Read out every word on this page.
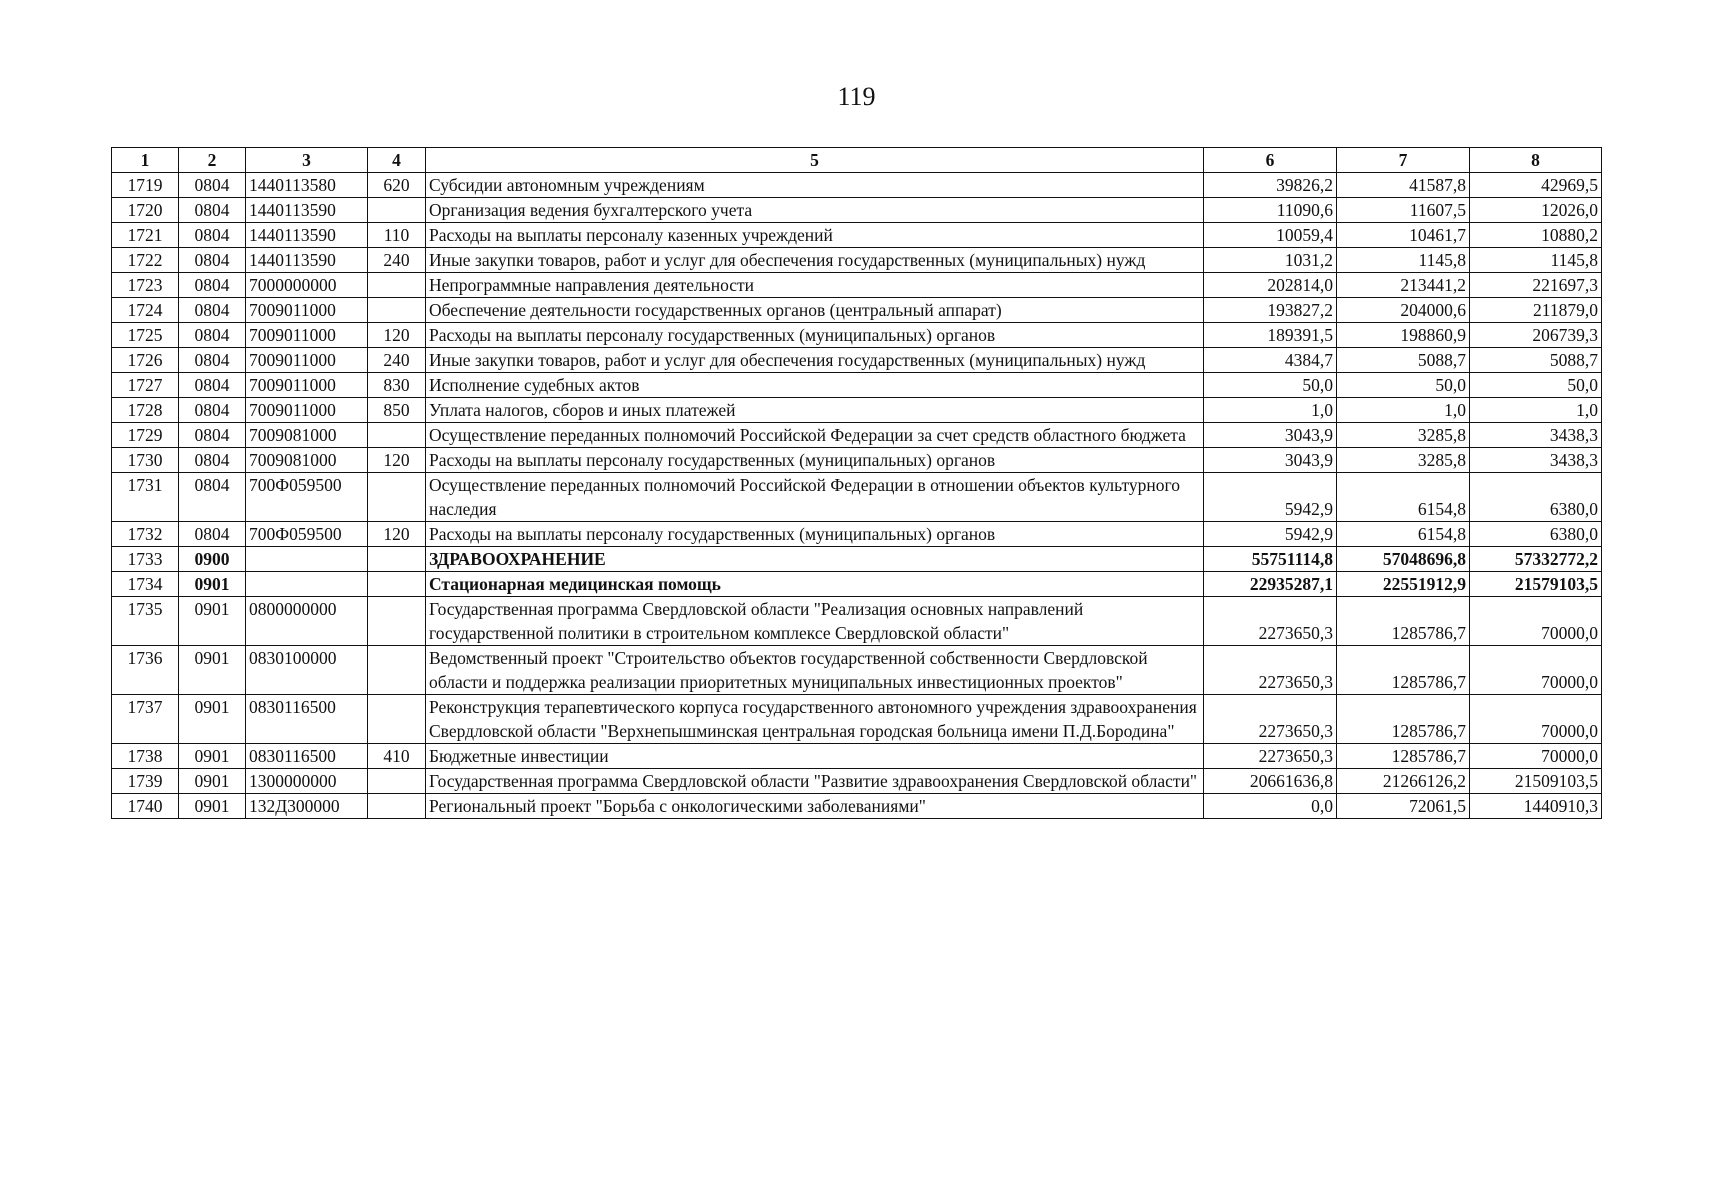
119
1	2	3	4	5	6	7	8
1719	0804	1440113580	620	Субсидии автономным учреждениям	39826,2	41587,8	42969,5
1720	0804	1440113590		Организация ведения бухгалтерского учета	11090,6	11607,5	12026,0
1721	0804	1440113590	110	Расходы на выплаты персоналу казенных учреждений	10059,4	10461,7	10880,2
1722	0804	1440113590	240	Иные закупки товаров, работ и услуг для обеспечения государственных (муниципальных) нужд	1031,2	1145,8	1145,8
1723	0804	7000000000		Непрограммные направления деятельности	202814,0	213441,2	221697,3
1724	0804	7009011000		Обеспечение деятельности государственных органов (центральный аппарат)	193827,2	204000,6	211879,0
1725	0804	7009011000	120	Расходы на выплаты персоналу государственных (муниципальных) органов	189391,5	198860,9	206739,3
1726	0804	7009011000	240	Иные закупки товаров, работ и услуг для обеспечения государственных (муниципальных) нужд	4384,7	5088,7	5088,7
1727	0804	7009011000	830	Исполнение судебных актов	50,0	50,0	50,0
1728	0804	7009011000	850	Уплата налогов, сборов и иных платежей	1,0	1,0	1,0
1729	0804	7009081000		Осуществление переданных полномочий Российской Федерации за счет средств областного бюджета	3043,9	3285,8	3438,3
1730	0804	7009081000	120	Расходы на выплаты персоналу государственных (муниципальных) органов	3043,9	3285,8	3438,3
1731	0804	700Ф059500		Осуществление переданных полномочий Российской Федерации в отношении объектов культурного наследия	5942,9	6154,8	6380,0
1732	0804	700Ф059500	120	Расходы на выплаты персоналу государственных (муниципальных) органов	5942,9	6154,8	6380,0
1733	0900			ЗДРАВООХРАНЕНИЕ	55751114,8	57048696,8	57332772,2
1734	0901			Стационарная медицинская помощь	22935287,1	22551912,9	21579103,5
1735	0901	0800000000		Государственная программа Свердловской области "Реализация основных направлений государственной политики в строительном комплексе Свердловской области"	2273650,3	1285786,7	70000,0
1736	0901	0830100000		Ведомственный проект "Строительство объектов государственной собственности Свердловской области и поддержка реализации приоритетных муниципальных инвестиционных проектов"	2273650,3	1285786,7	70000,0
1737	0901	0830116500		Реконструкция терапевтического корпуса государственного автономного учреждения здравоохранения Свердловской области "Верхнепышминская центральная городская больница имени П.Д.Бородина"	2273650,3	1285786,7	70000,0
1738	0901	0830116500	410	Бюджетные инвестиции	2273650,3	1285786,7	70000,0
1739	0901	1300000000		Государственная программа Свердловской области "Развитие здравоохранения Свердловской области"	20661636,8	21266126,2	21509103,5
1740	0901	132Д300000		Региональный проект "Борьба с онкологическими заболеваниями"	0,0	72061,5	1440910,3
